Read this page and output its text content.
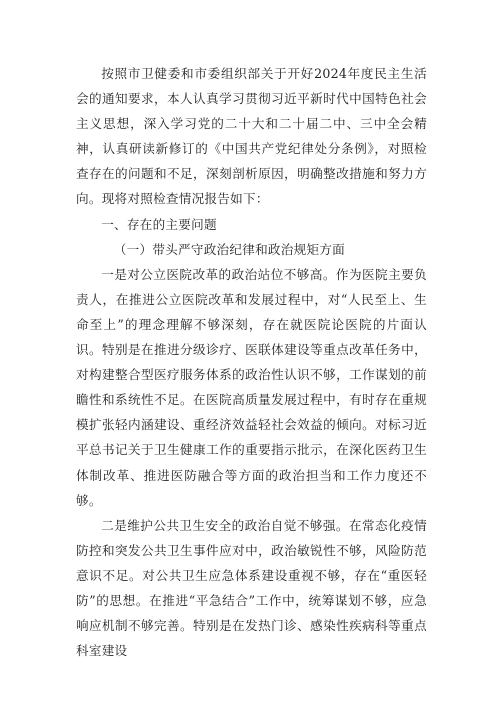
按照市卫健委和市委组织部关于开好2024年度民主生活会的通知要求，本人认真学习贯彻习近平新时代中国特色社会主义思想，深入学习党的二十大和二十届二中、三中全会精神，认真研读新修订的《中国共产党纪律处分条例》，对照检查存在的问题和不足，深刻剖析原因，明确整改措施和努力方向。现将对照检查情况报告如下：

一、存在的主要问题

（一）带头严守政治纪律和政治规矩方面

一是对公立医院改革的政治站位不够高。作为医院主要负责人，在推进公立医院改革和发展过程中，对“人民至上、生命至上”的理念理解不够深刻，存在就医院论医院的片面认识。特别是在推进分级诊疗、医联体建设等重点改革任务中，对构建整合型医疗服务体系的政治性认识不够，工作谋划的前瞻性和系统性不足。在医院高质量发展过程中，有时存在重规模扩张轻内涵建设、重经济效益轻社会效益的倾向。对标习近平总书记关于卫生健康工作的重要指示批示，在深化医药卫生体制改革、推进医防融合等方面的政治担当和工作力度还不够。

二是维护公共卫生安全的政治自觉不够强。在常态化疫情防控和突发公共卫生事件应对中，政治敏锐性不够，风险防范意识不足。对公共卫生应急体系建设重视不够，存在“重医轻防”的思想。在推进“平急结合”工作中，统筹谋划不够，应急响应机制不够完善。特别是在发热门诊、感染性疾病科等重点科室建设
